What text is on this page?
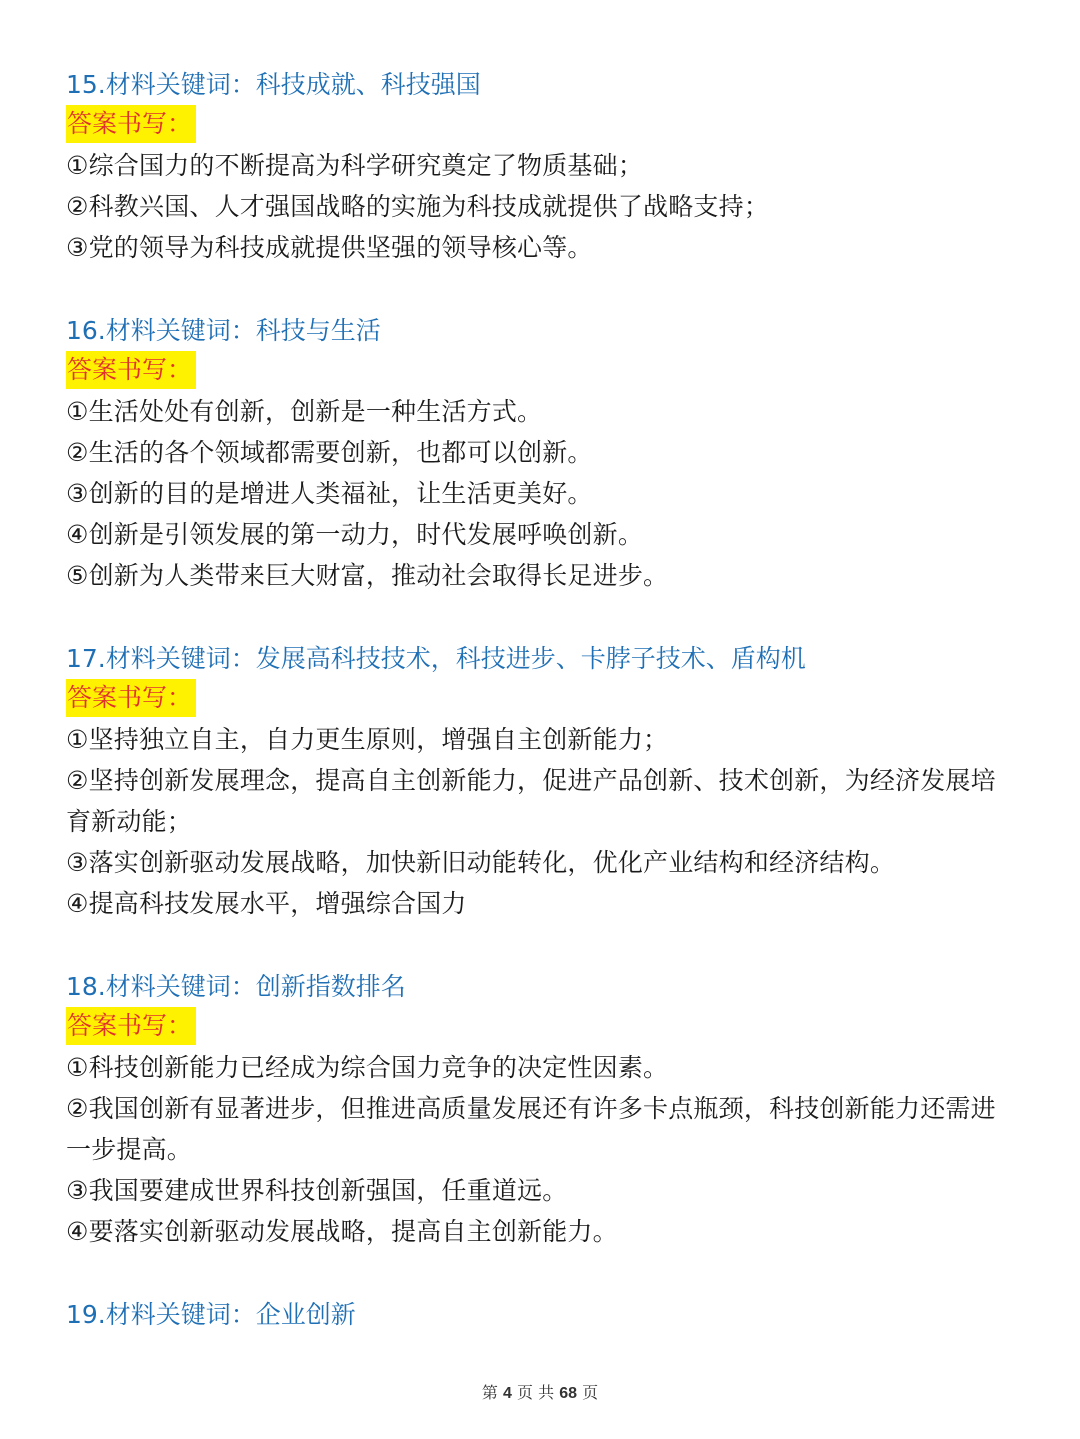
15.材料关键词：科技成就、科技强国
答案书写：
①综合国力的不断提高为科学研究奠定了物质基础；
②科教兴国、人才强国战略的实施为科技成就提供了战略支持；
③党的领导为科技成就提供坚强的领导核心等。
16.材料关键词：科技与生活
答案书写：
①生活处处有创新，创新是一种生活方式。
②生活的各个领域都需要创新，也都可以创新。
③创新的目的是增进人类福祉，让生活更美好。
④创新是引领发展的第一动力，时代发展呼唤创新。
⑤创新为人类带来巨大财富，推动社会取得长足进步。
17.材料关键词：发展高科技技术，科技进步、卡脖子技术、盾构机
答案书写：
①坚持独立自主，自力更生原则，增强自主创新能力；
②坚持创新发展理念，提高自主创新能力，促进产品创新、技术创新，为经济发展培育新动能；
③落实创新驱动发展战略，加快新旧动能转化，优化产业结构和经济结构。
④提高科技发展水平，增强综合国力
18.材料关键词：创新指数排名
答案书写：
①科技创新能力已经成为综合国力竞争的决定性因素。
②我国创新有显著进步，但推进高质量发展还有许多卡点瓶颈，科技创新能力还需进一步提高。
③我国要建成世界科技创新强国，任重道远。
④要落实创新驱动发展战略，提高自主创新能力。
19.材料关键词：企业创新
第 4 页 共 68 页
